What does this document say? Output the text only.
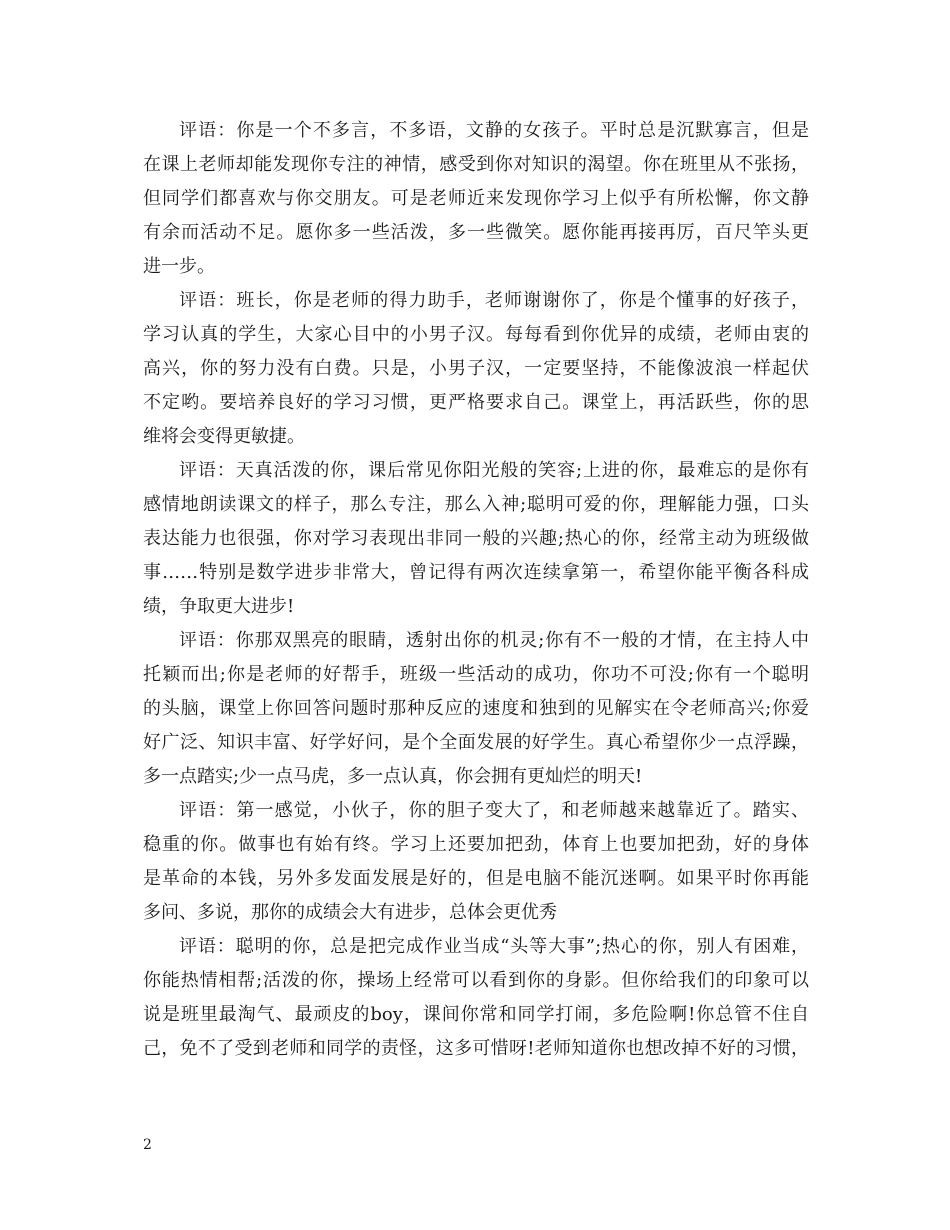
评语：你是一个不多言，不多语，文静的女孩子。平时总是沉默寡言，但是
在课上老师却能发现你专注的神情，感受到你对知识的渴望。你在班里从不张扬，
但同学们都喜欢与你交朋友。可是老师近来发现你学习上似乎有所松懈，你文静
有余而活动不足。愿你多一些活泼，多一些微笑。愿你能再接再厉，百尺竿头更
进一步。
评语：班长，你是老师的得力助手，老师谢谢你了，你是个懂事的好孩子，
学习认真的学生，大家心目中的小男子汉。每每看到你优异的成绩，老师由衷的
高兴，你的努力没有白费。只是，小男子汉，一定要坚持，不能像波浪一样起伏
不定哟。要培养良好的学习习惯，更严格要求自己。课堂上，再活跃些，你的思
维将会变得更敏捷。
评语：天真活泼的你，课后常见你阳光般的笑容;上进的你，最难忘的是你有
感情地朗读课文的样子，那么专注，那么入神;聪明可爱的你，理解能力强，口头
表达能力也很强，你对学习表现出非同一般的兴趣;热心的你，经常主动为班级做
事……特别是数学进步非常大，曾记得有两次连续拿第一，希望你能平衡各科成
绩，争取更大进步!
评语：你那双黑亮的眼睛，透射出你的机灵;你有不一般的才情，在主持人中
托颖而出;你是老师的好帮手，班级一些活动的成功，你功不可没;你有一个聪明
的头脑，课堂上你回答问题时那种反应的速度和独到的见解实在令老师高兴;你爱
好广泛、知识丰富、好学好问，是个全面发展的好学生。真心希望你少一点浮躁，
多一点踏实;少一点马虎，多一点认真，你会拥有更灿烂的明天!
评语：第一感觉，小伙子，你的胆子变大了，和老师越来越靠近了。踏实、
稳重的你。做事也有始有终。学习上还要加把劲，体育上也要加把劲，好的身体
是革命的本钱，另外多发面发展是好的，但是电脑不能沉迷啊。如果平时你再能
多问、多说，那你的成绩会大有进步，总体会更优秀
评语：聪明的你，总是把完成作业当成“头等大事”;热心的你，别人有困难，
你能热情相帮;活泼的你，操场上经常可以看到你的身影。但你给我们的印象可以
说是班里最淘气、最顽皮的boy，课间你常和同学打闹，多危险啊!你总管不住自
己，免不了受到老师和同学的责怪，这多可惜呀!老师知道你也想改掉不好的习惯，
2
